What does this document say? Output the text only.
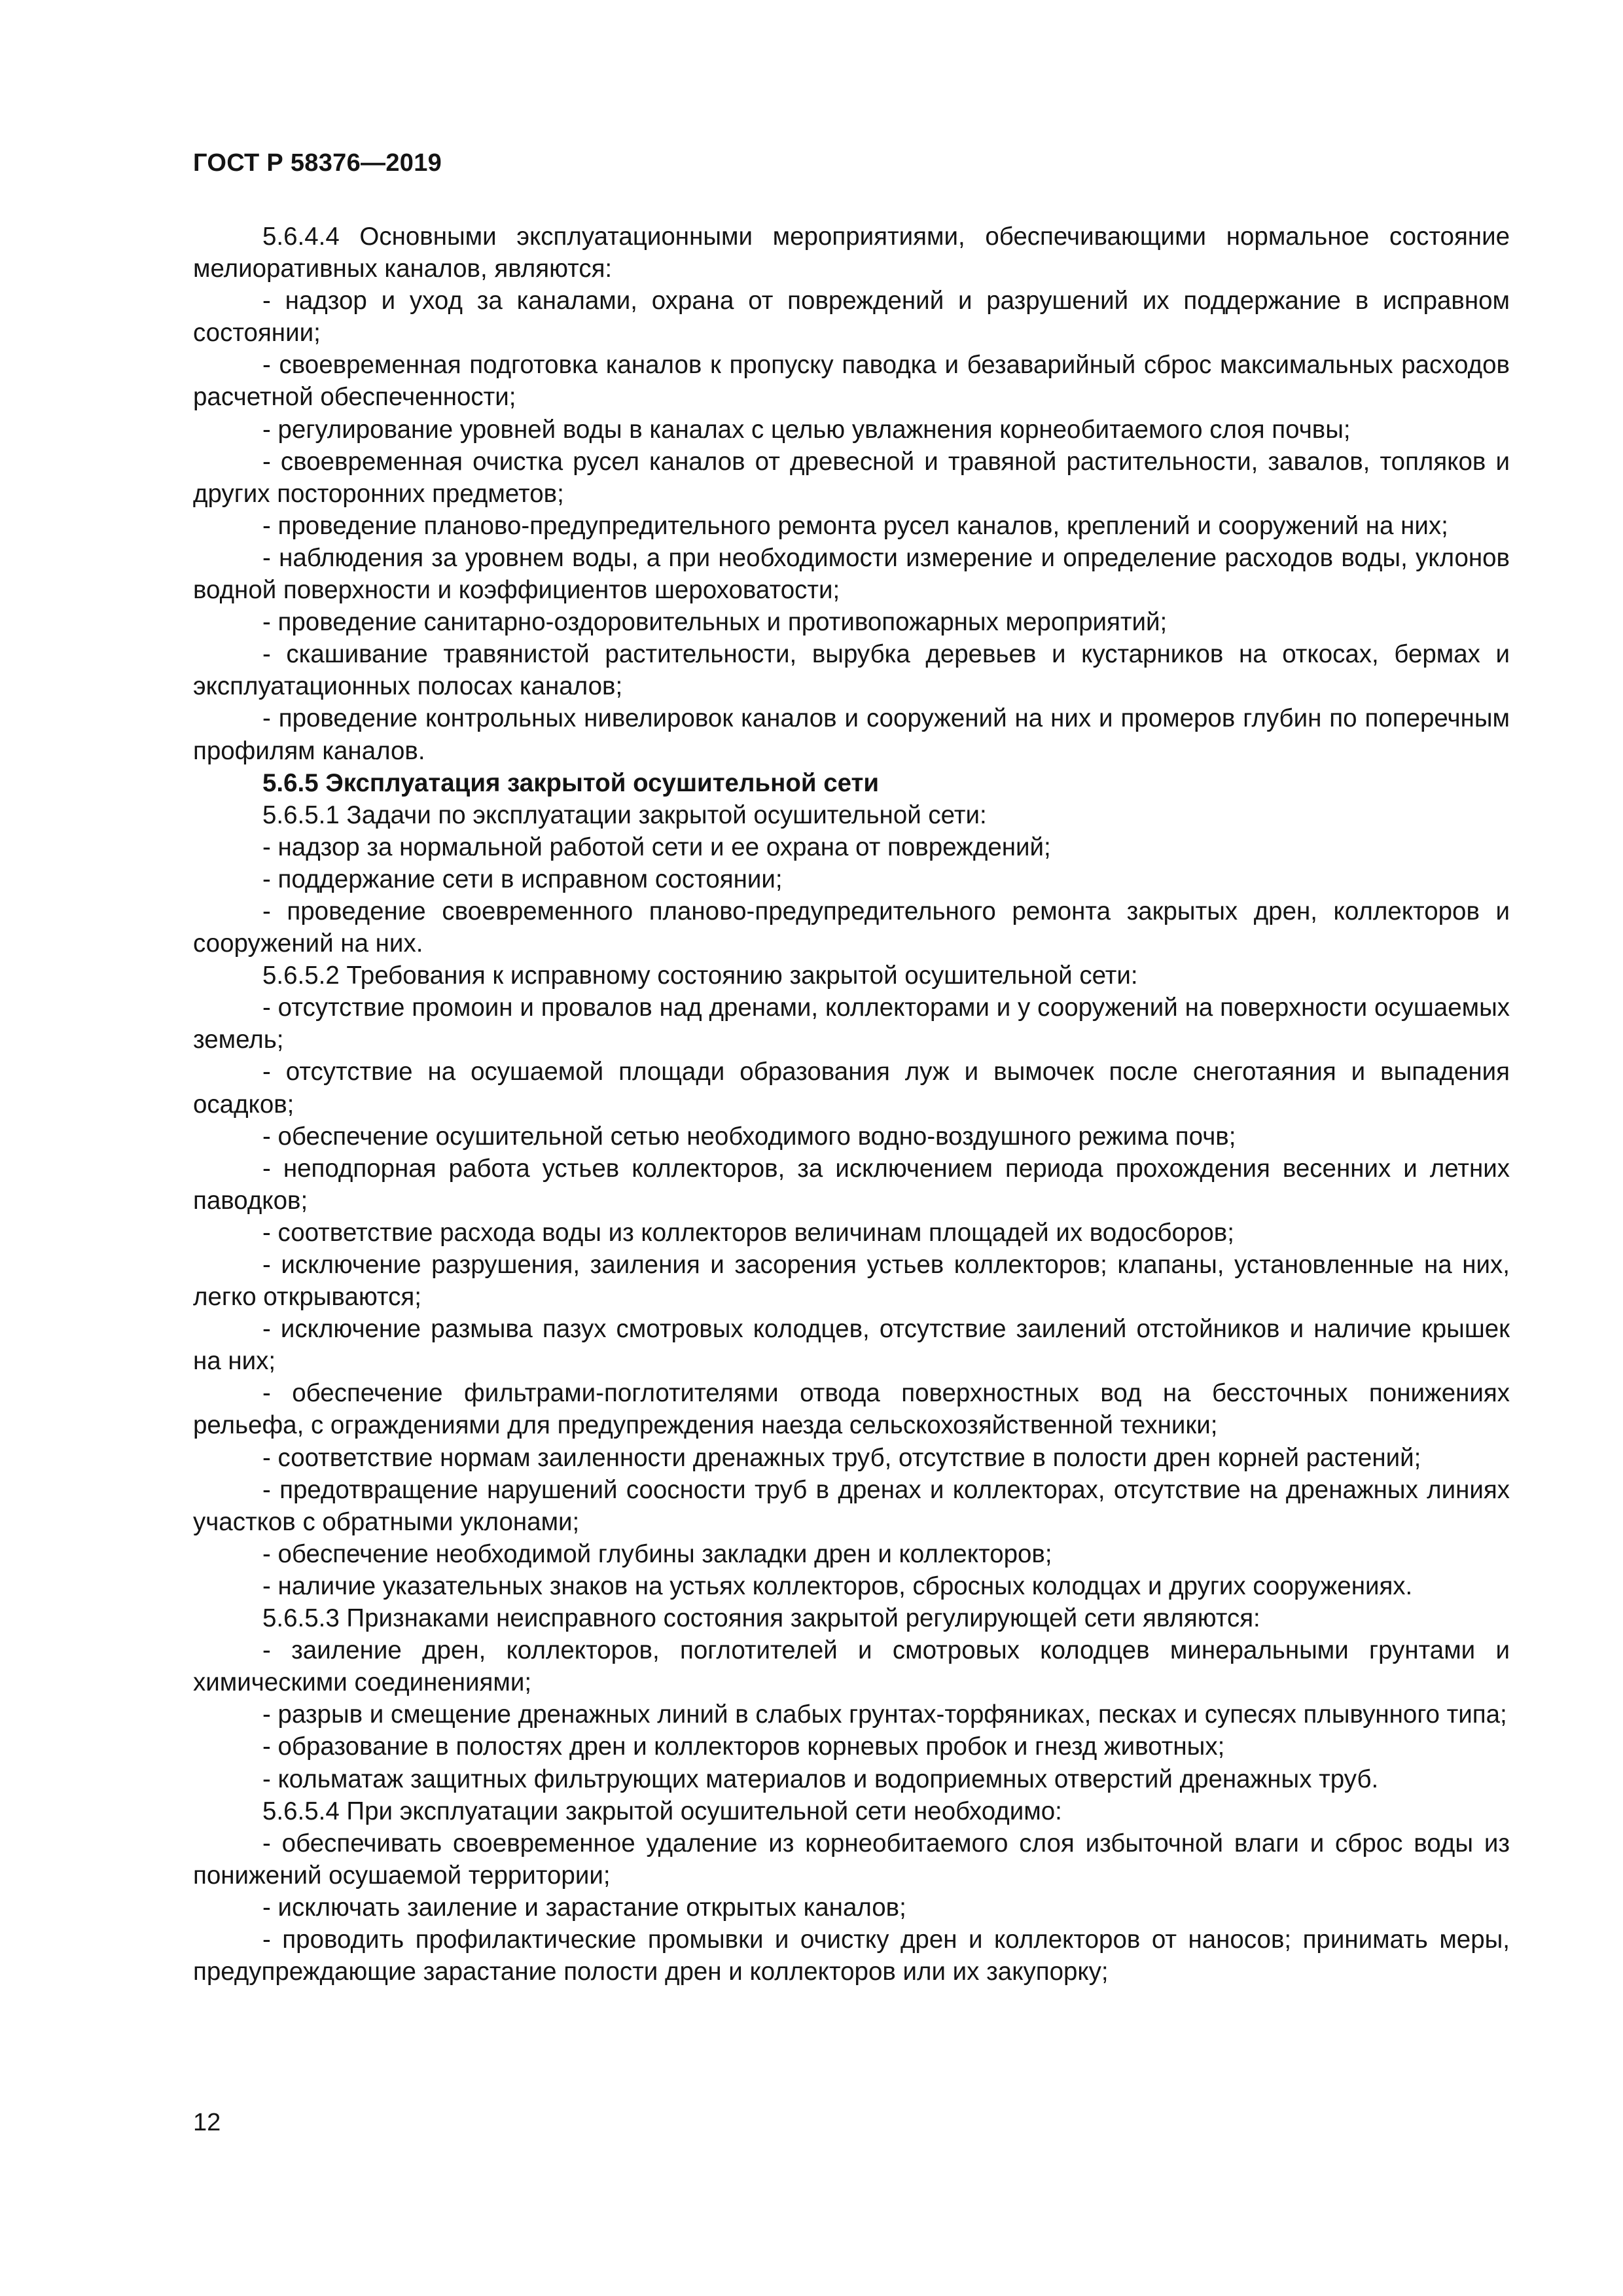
ГОСТ Р 58376—2019

5.6.4.4 Основными эксплуатационными мероприятиями, обеспечивающими нормальное состояние мелиоративных каналов, являются:

- надзор и уход за каналами, охрана от повреждений и разрушений их поддержание в исправном состоянии;

- своевременная подготовка каналов к пропуску паводка и безаварийный сброс максимальных расходов расчетной обеспеченности;

- регулирование уровней воды в каналах с целью увлажнения корнеобитаемого слоя почвы;

- своевременная очистка русел каналов от древесной и травяной растительности, завалов, топляков и других посторонних предметов;

- проведение планово-предупредительного ремонта русел каналов, креплений и сооружений на них;

- наблюдения за уровнем воды, а при необходимости измерение и определение расходов воды, уклонов водной поверхности и коэффициентов шероховатости;

- проведение санитарно-оздоровительных и противопожарных мероприятий;

- скашивание травянистой растительности, вырубка деревьев и кустарников на откосах, бермах и эксплуатационных полосах каналов;

- проведение контрольных нивелировок каналов и сооружений на них и промеров глубин по поперечным профилям каналов.

5.6.5 Эксплуатация закрытой осушительной сети

5.6.5.1 Задачи по эксплуатации закрытой осушительной сети:

- надзор за нормальной работой сети и ее охрана от повреждений;

- поддержание сети в исправном состоянии;

- проведение своевременного планово-предупредительного ремонта закрытых дрен, коллекторов и сооружений на них.

5.6.5.2 Требования к исправному состоянию закрытой осушительной сети:

- отсутствие промоин и провалов над дренами, коллекторами и у сооружений на поверхности осушаемых земель;

- отсутствие на осушаемой площади образования луж и вымочек после снеготаяния и выпадения осадков;

- обеспечение осушительной сетью необходимого водно-воздушного режима почв;

- неподпорная работа устьев коллекторов, за исключением периода прохождения весенних и летних паводков;

- соответствие расхода воды из коллекторов величинам площадей их водосборов;

- исключение разрушения, заиления и засорения устьев коллекторов; клапаны, установленные на них, легко открываются;

- исключение размыва пазух смотровых колодцев, отсутствие заилений отстойников и наличие крышек на них;

- обеспечение фильтрами-поглотителями отвода поверхностных вод на бессточных понижениях рельефа, с ограждениями для предупреждения наезда сельскохозяйственной техники;

- соответствие нормам заиленности дренажных труб, отсутствие в полости дрен корней растений;

- предотвращение нарушений соосности труб в дренах и коллекторах, отсутствие на дренажных линиях участков с обратными уклонами;

- обеспечение необходимой глубины закладки дрен и коллекторов;

- наличие указательных знаков на устьях коллекторов, сбросных колодцах и других сооружениях.

5.6.5.3 Признаками неисправного состояния закрытой регулирующей сети являются:

- заиление дрен, коллекторов, поглотителей и смотровых колодцев минеральными грунтами и химическими соединениями;

- разрыв и смещение дренажных линий в слабых грунтах-торфяниках, песках и супесях плывунного типа;

- образование в полостях дрен и коллекторов корневых пробок и гнезд животных;

- кольматаж защитных фильтрующих материалов и водоприемных отверстий дренажных труб.

5.6.5.4 При эксплуатации закрытой осушительной сети необходимо:

- обеспечивать своевременное удаление из корнеобитаемого слоя избыточной влаги и сброс воды из понижений осушаемой территории;

- исключать заиление и зарастание открытых каналов;

- проводить профилактические промывки и очистку дрен и коллекторов от наносов; принимать меры, предупреждающие зарастание полости дрен и коллекторов или их закупорку;

12
